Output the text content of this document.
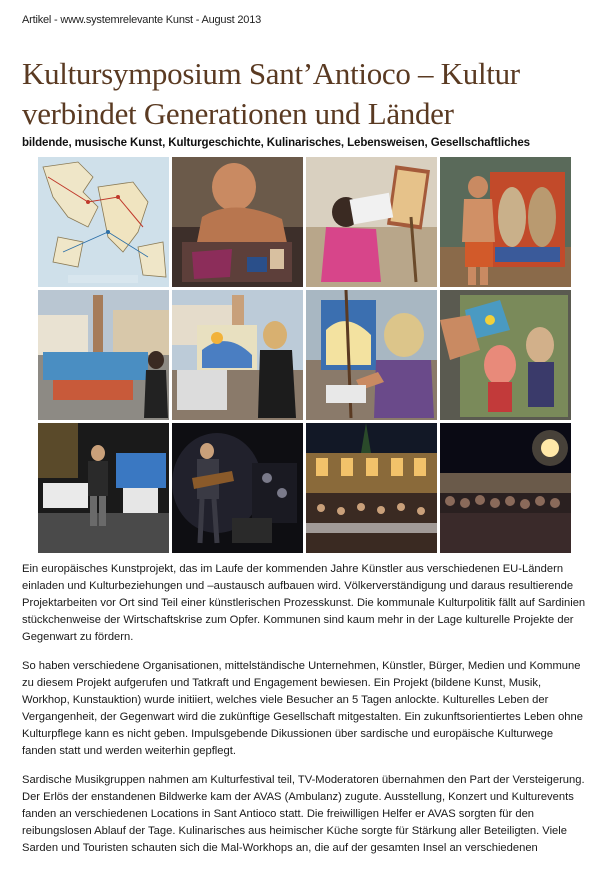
Artikel - www.systemrelevante Kunst - August 2013
Kultursymposium Sant’Antioco – Kultur
verbindet Generationen und Länder
bildende, musische Kunst, Kulturgeschichte, Kulinarisches, Lebensweisen, Gesellschaftliches

Ein europäisches Kunstprojekt, das im Laufe der kommenden Jahre Künstler aus verschiedenen EU-Ländern einladen und Kulturbeziehungen und –austausch aufbauen wird. Völkerverständigung und daraus resultierende Projektarbeiten vor Ort sind Teil einer künstlerischen Prozesskunst. Die kommunale Kulturpolitik fällt auf Sardinien stückchenweise der Wirtschaftskrise zum Opfer. Kommunen sind kaum mehr in der Lage kulturelle Projekte der Gegenwart zu fördern.

So haben verschiedene Organisationen, mittelständische Unternehmen, Künstler, Bürger, Medien und Kommune zu diesem Projekt aufgerufen und Tatkraft und Engagement bewiesen. Ein Projekt (bildene Kunst, Musik, Workhop, Kunstauktion) wurde initiiert, welches viele Besucher an 5 Tagen anlockte. Kulturelles Leben der Vergangenheit, der Gegenwart wird die zukünftige Gesellschaft mitgestalten. Ein zukunftsorientiertes Leben ohne Kulturpflege kann es nicht geben. Impulsgebende Dikussionen über sardische und europäische Kulturwege fanden statt und werden weiterhin gepflegt.

Sardische Musikgruppen nahmen am Kulturfestival teil, TV-Moderatoren übernahmen den Part der Versteigerung. Der Erlös der enstandenen Bildwerke kam der AVAS (Ambulanz) zugute. Ausstellung, Konzert und Kulturevents fanden an verschiedenen Locations in Sant Antioco statt. Die freiwilligen Helfer er AVAS sorgten für den reibungslosen Ablauf der Tage. Kulinarisches aus heimischer Küche sorgte für Stärkung aller Beteiligten. Viele Sarden und Touristen schauten sich die Mal-Workhops an, die auf der gesamten Insel an verschiedenen
